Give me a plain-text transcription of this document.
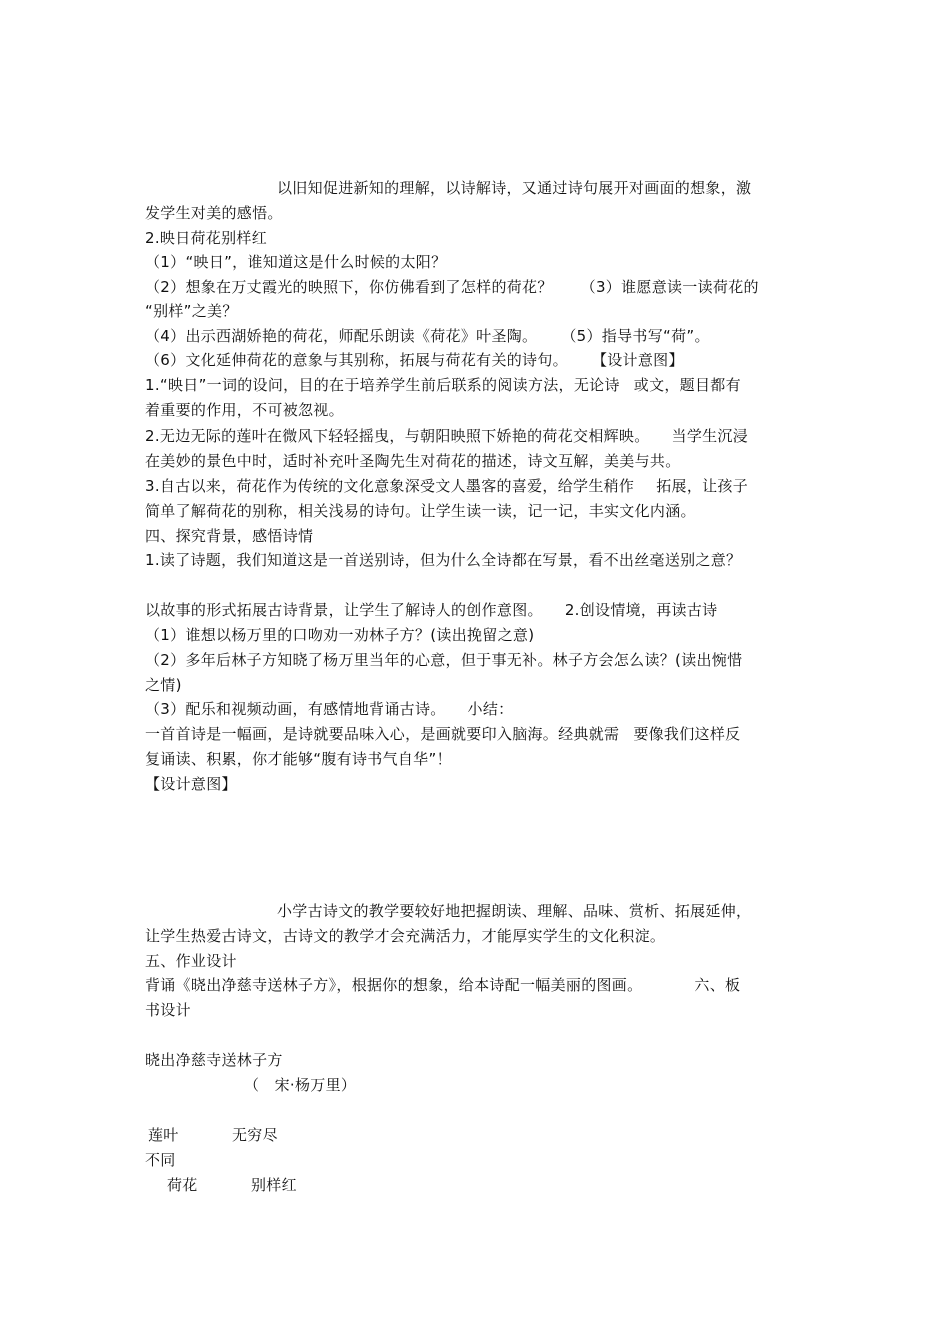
以旧知促进新知的理解，以诗解诗，又通过诗句展开对画面的想象，激
发学生对美的感悟。
2.映日荷花别样红
（1）“映日”，谁知道这是什么时候的太阳？
（2）想象在万丈霞光的映照下，你仿佛看到了怎样的荷花？ （3）谁愿意读一读荷花的
“别样”之美？
（4）出示西湖娇艳的荷花，师配乐朗读《荷花》叶圣陶。 （5）指导书写“荷”。
（6）文化延伸荷花的意象与其别称，拓展与荷花有关的诗句。 【设计意图】
1.“映日”一词的设问，目的在于培养学生前后联系的阅读方法，无论诗 或文，题目都有
着重要的作用，不可被忽视。
2.无边无际的莲叶在微风下轻轻摇曳，与朝阳映照下娇艳的荷花交相辉映。 当学生沉浸
在美妙的景色中时，适时补充叶圣陶先生对荷花的描述，诗文互解，美美与共。
3.自古以来，荷花作为传统的文化意象深受文人墨客的喜爱，给学生稍作 拓展，让孩子
简单了解荷花的别称，相关浅易的诗句。让学生读一读，记一记，丰实文化内涵。
四、探究背景，感悟诗情
1.读了诗题，我们知道这是一首送别诗，但为什么全诗都在写景，看不出丝毫送别之意？
以故事的形式拓展古诗背景，让学生了解诗人的创作意图。 2.创设情境，再读古诗
（1）谁想以杨万里的口吻劝一劝林子方？(读出挽留之意)
（2）多年后林子方知晓了杨万里当年的心意，但于事无补。林子方会怎么读？(读出惋惜
之情)
（3）配乐和视频动画，有感情地背诵古诗。 小结：
一首首诗是一幅画，是诗就要品味入心，是画就要印入脑海。经典就需 要像我们这样反
复诵读、积累，你才能够“腹有诗书气自华”！
【设计意图】
小学古诗文的教学要较好地把握朗读、理解、品味、赏析、拓展延伸，
让学生热爱古诗文，古诗文的教学才会充满活力，才能厚实学生的文化积淀。
五、作业设计
背诵《晓出净慈寺送林子方》，根据你的想象，给本诗配一幅美丽的图画。	六、板
书设计
晓出净慈寺送林子方
（　宋·杨万里）
莲叶	无穷尽
不同
荷花	别样红
